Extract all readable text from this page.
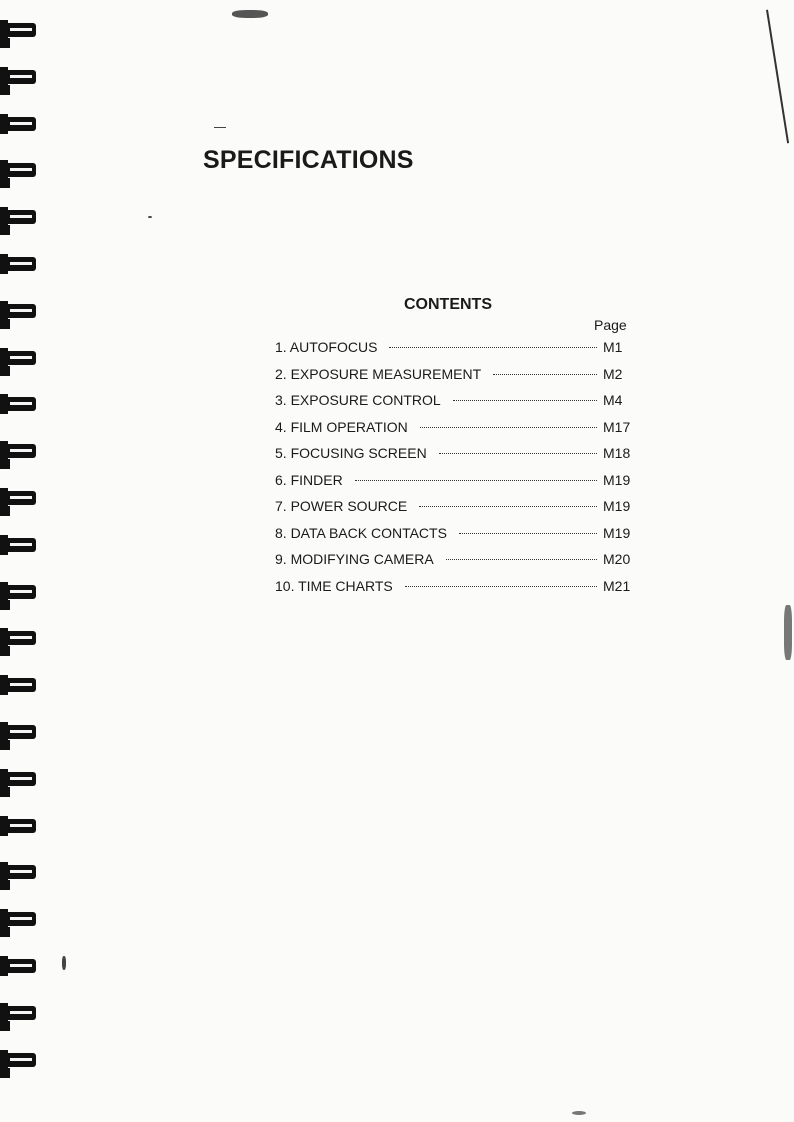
SPECIFICATIONS
CONTENTS
Page
1. AUTOFOCUS	M1
2. EXPOSURE MEASUREMENT	M2
3. EXPOSURE CONTROL	M4
4. FILM OPERATION	M17
5. FOCUSING SCREEN	M18
6. FINDER	M19
7. POWER SOURCE	M19
8. DATA BACK CONTACTS	M19
9. MODIFYING CAMERA	M20
10. TIME CHARTS	M21
